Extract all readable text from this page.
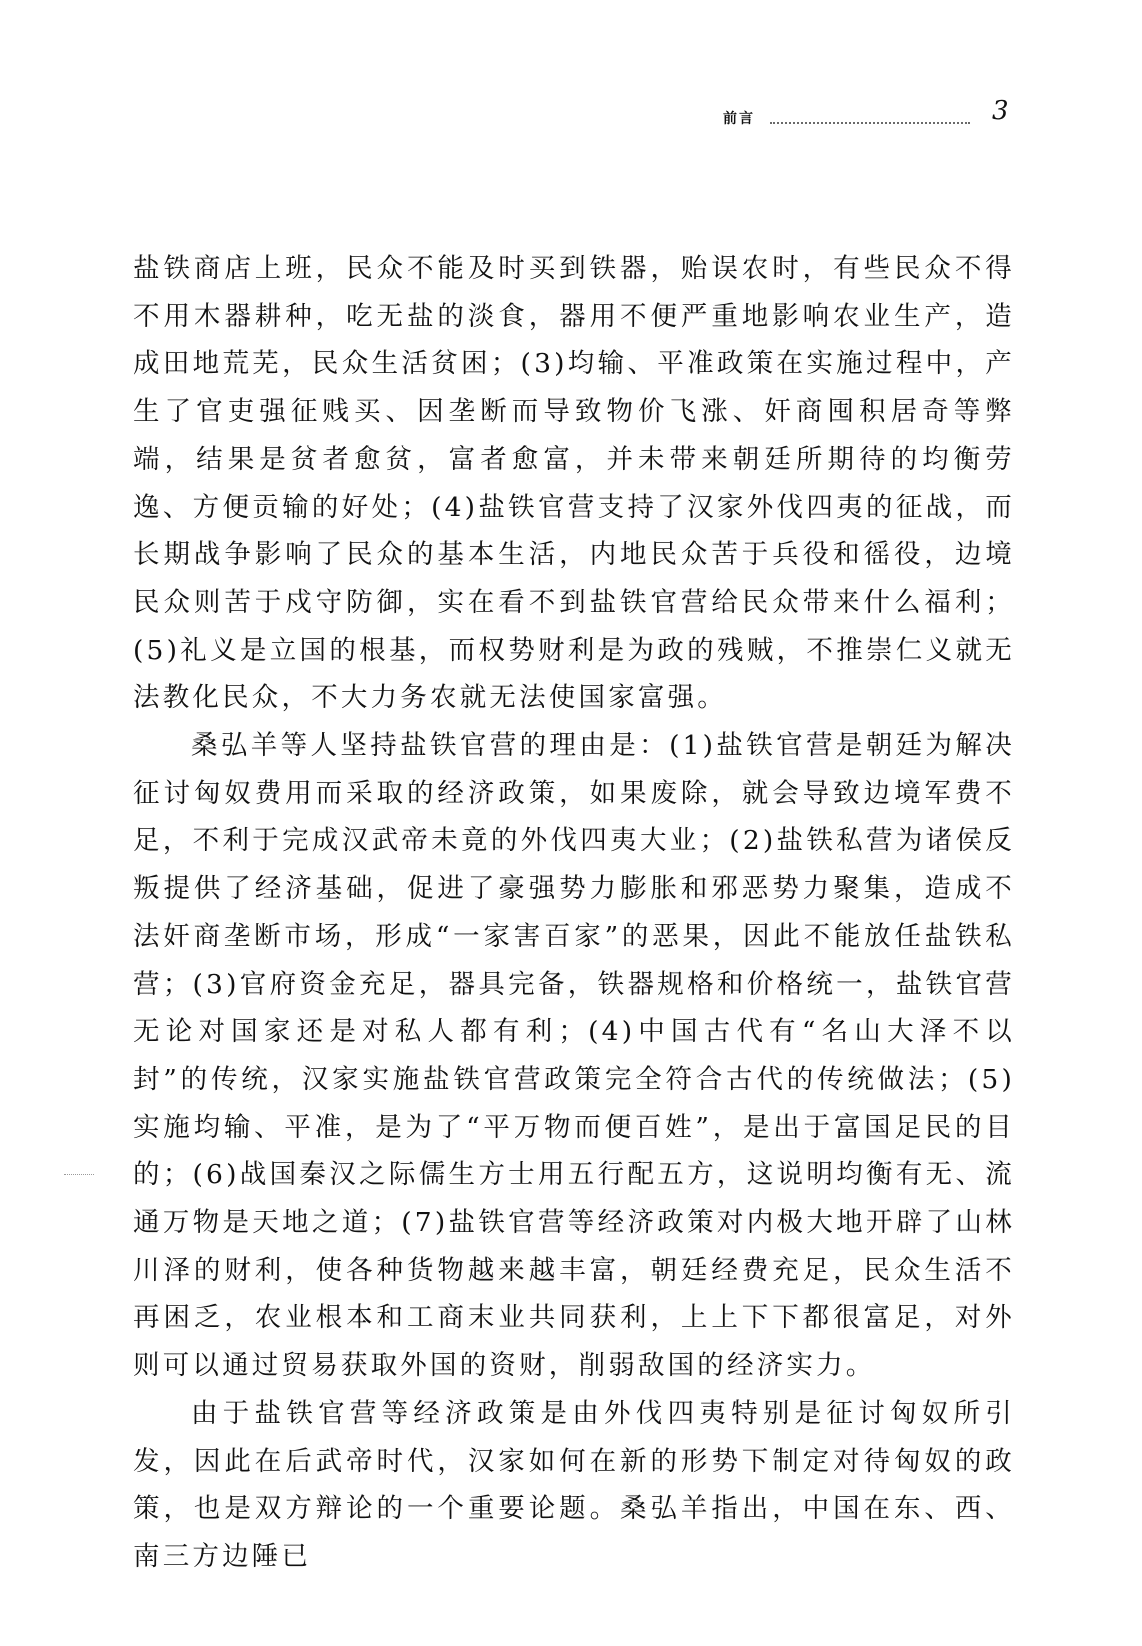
前言	3

盐铁商店上班，民众不能及时买到铁器，贻误农时，有些民众不得不用木器耕种，吃无盐的淡食，器用不便严重地影响农业生产，造成田地荒芜，民众生活贫困；(3)均输、平准政策在实施过程中，产生了官吏强征贱买、因垄断而导致物价飞涨、奸商囤积居奇等弊端，结果是贫者愈贫，富者愈富，并未带来朝廷所期待的均衡劳逸、方便贡输的好处；(4)盐铁官营支持了汉家外伐四夷的征战，而长期战争影响了民众的基本生活，内地民众苦于兵役和徭役，边境民众则苦于戍守防御，实在看不到盐铁官营给民众带来什么福利；(5)礼义是立国的根基，而权势财利是为政的残贼，不推崇仁义就无法教化民众，不大力务农就无法使国家富强。

桑弘羊等人坚持盐铁官营的理由是：(1)盐铁官营是朝廷为解决征讨匈奴费用而采取的经济政策，如果废除，就会导致边境军费不足，不利于完成汉武帝未竟的外伐四夷大业；(2)盐铁私营为诸侯反叛提供了经济基础，促进了豪强势力膨胀和邪恶势力聚集，造成不法奸商垄断市场，形成“一家害百家”的恶果，因此不能放任盐铁私营；(3)官府资金充足，器具完备，铁器规格和价格统一，盐铁官营无论对国家还是对私人都有利；(4)中国古代有“名山大泽不以封”的传统，汉家实施盐铁官营政策完全符合古代的传统做法；(5)实施均输、平准，是为了“平万物而便百姓”，是出于富国足民的目的；(6)战国秦汉之际儒生方士用五行配五方，这说明均衡有无、流通万物是天地之道；(7)盐铁官营等经济政策对内极大地开辟了山林川泽的财利，使各种货物越来越丰富，朝廷经费充足，民众生活不再困乏，农业根本和工商末业共同获利，上上下下都很富足，对外则可以通过贸易获取外国的资财，削弱敌国的经济实力。

由于盐铁官营等经济政策是由外伐四夷特别是征讨匈奴所引发，因此在后武帝时代，汉家如何在新的形势下制定对待匈奴的政策，也是双方辩论的一个重要论题。桑弘羊指出，中国在东、西、南三方边陲已
